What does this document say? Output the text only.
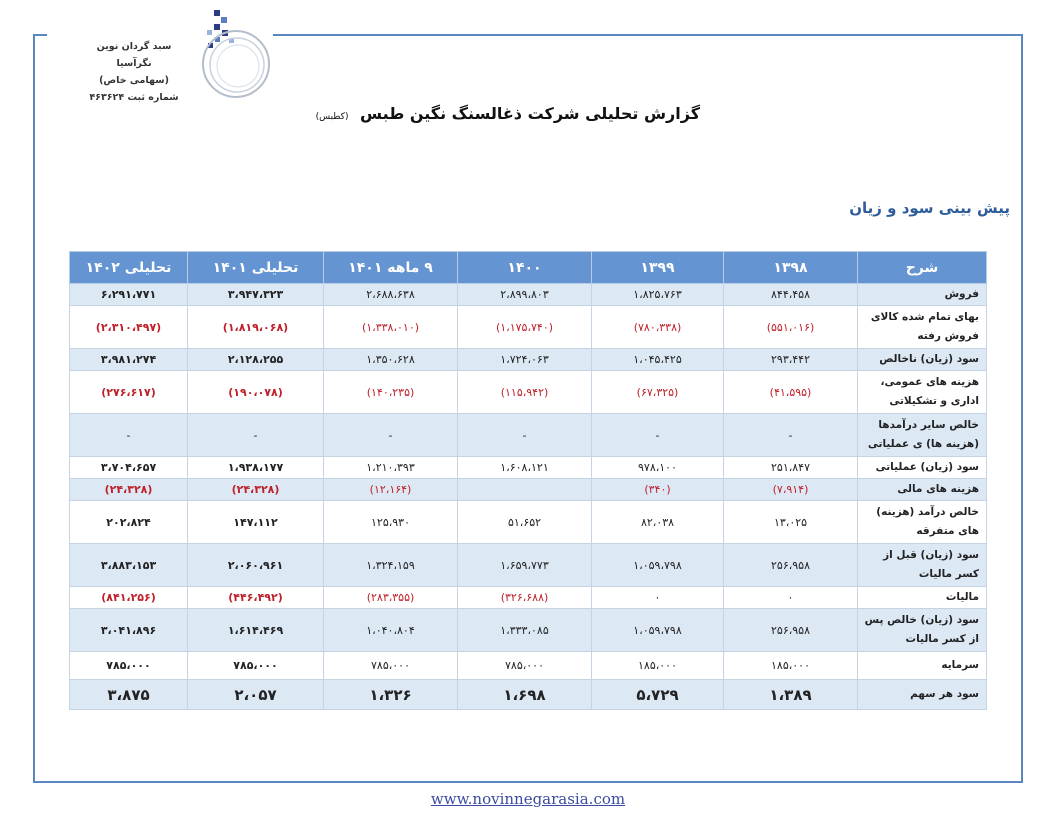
سبد گردان نوین نگرآسیا
(سهامی خاص)
شماره ثبت ۴۶۳۶۲۴
گزارش تحلیلی شرکت ذغالسنگ نگین طبس (کطبس)
پیش بینی سود و زیان
شرح	۱۳۹۸	۱۳۹۹	۱۴۰۰	۹ ماهه ۱۴۰۱	تحلیلی ۱۴۰۱	تحلیلی ۱۴۰۲
فروش	۸۴۴،۴۵۸	۱،۸۲۵،۷۶۳	۲،۸۹۹،۸۰۳	۲،۶۸۸،۶۳۸	۳،۹۴۷،۳۲۳	۶،۲۹۱،۷۷۱
بهای تمام شده کالای فروش رفته	(۵۵۱،۰۱۶)	(۷۸۰،۳۳۸)	(۱،۱۷۵،۷۴۰)	(۱،۳۳۸،۰۱۰)	(۱،۸۱۹،۰۶۸)	(۲،۳۱۰،۴۹۷)
سود (زیان) ناخالص	۲۹۳،۴۴۲	۱،۰۴۵،۴۲۵	۱،۷۲۴،۰۶۳	۱،۳۵۰،۶۲۸	۲،۱۲۸،۲۵۵	۳،۹۸۱،۲۷۴
هزینه های عمومی، اداری و تشکیلاتی	(۴۱،۵۹۵)	(۶۷،۳۲۵)	(۱۱۵،۹۴۲)	(۱۴۰،۲۳۵)	(۱۹۰،۰۷۸)	(۲۷۶،۶۱۷)
خالص سایر درآمدها (هزینه ها) ی عملیاتی	-	-	-	-	-	-
سود (زیان) عملیاتی	۲۵۱،۸۴۷	۹۷۸،۱۰۰	۱،۶۰۸،۱۲۱	۱،۲۱۰،۳۹۳	۱،۹۳۸،۱۷۷	۳،۷۰۴،۶۵۷
هزینه های مالی	(۷،۹۱۴)	(۳۴۰)		(۱۲،۱۶۴)	(۲۴،۳۲۸)	(۲۴،۳۲۸)
خالص درآمد (هزینه) های متفرقه	۱۳،۰۲۵	۸۲،۰۳۸	۵۱،۶۵۲	۱۲۵،۹۳۰	۱۴۷،۱۱۲	۲۰۲،۸۲۴
سود (زیان) قبل از کسر مالیات	۲۵۶،۹۵۸	۱،۰۵۹،۷۹۸	۱،۶۵۹،۷۷۳	۱،۳۲۴،۱۵۹	۲،۰۶۰،۹۶۱	۳،۸۸۳،۱۵۳
مالیات	۰	۰	(۳۲۶،۶۸۸)	(۲۸۳،۳۵۵)	(۴۴۶،۴۹۲)	(۸۴۱،۲۵۶)
سود (زیان) خالص پس از کسر مالیات	۲۵۶،۹۵۸	۱،۰۵۹،۷۹۸	۱،۳۳۳،۰۸۵	۱،۰۴۰،۸۰۴	۱،۶۱۴،۴۶۹	۳،۰۴۱،۸۹۶
سرمایه	۱۸۵،۰۰۰	۱۸۵،۰۰۰	۷۸۵،۰۰۰	۷۸۵،۰۰۰	۷۸۵،۰۰۰	۷۸۵،۰۰۰
سود هر سهم	۱،۳۸۹	۵،۷۲۹	۱،۶۹۸	۱،۳۲۶	۲،۰۵۷	۳،۸۷۵
www.novinnegarasia.com
